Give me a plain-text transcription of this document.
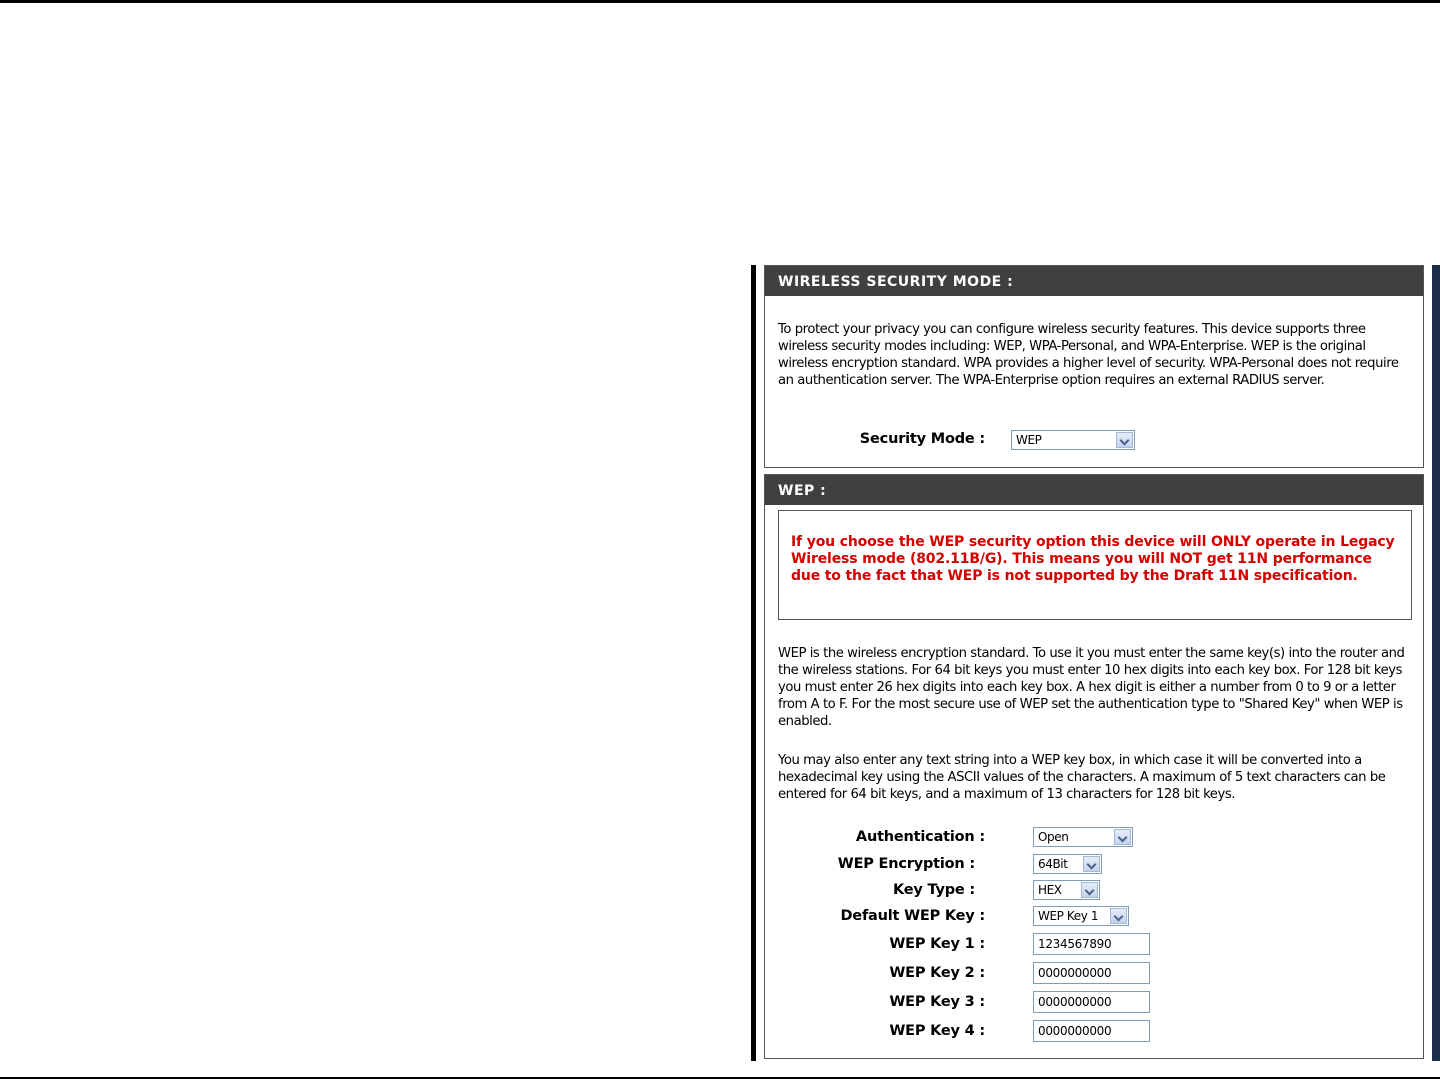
WIRELESS SECURITY MODE :
To protect your privacy you can configure wireless security features. This device supports three wireless security modes including: WEP, WPA-Personal, and WPA-Enterprise. WEP is the original wireless encryption standard. WPA provides a higher level of security. WPA-Personal does not require an authentication server. The WPA-Enterprise option requires an external RADIUS server.
Security Mode :	WEP
WEP :
If you choose the WEP security option this device will ONLY operate in Legacy Wireless mode (802.11B/G). This means you will NOT get 11N performance due to the fact that WEP is not supported by the Draft 11N specification.
WEP is the wireless encryption standard. To use it you must enter the same key(s) into the router and the wireless stations. For 64 bit keys you must enter 10 hex digits into each key box. For 128 bit keys you must enter 26 hex digits into each key box. A hex digit is either a number from 0 to 9 or a letter from A to F. For the most secure use of WEP set the authentication type to "Shared Key" when WEP is enabled.
You may also enter any text string into a WEP key box, in which case it will be converted into a hexadecimal key using the ASCII values of the characters. A maximum of 5 text characters can be entered for 64 bit keys, and a maximum of 13 characters for 128 bit keys.
Authentication :	Open
WEP Encryption :	64Bit
Key Type :	HEX
Default WEP Key :	WEP Key 1
WEP Key 1 :	1234567890
WEP Key 2 :	0000000000
WEP Key 3 :	0000000000
WEP Key 4 :	0000000000
